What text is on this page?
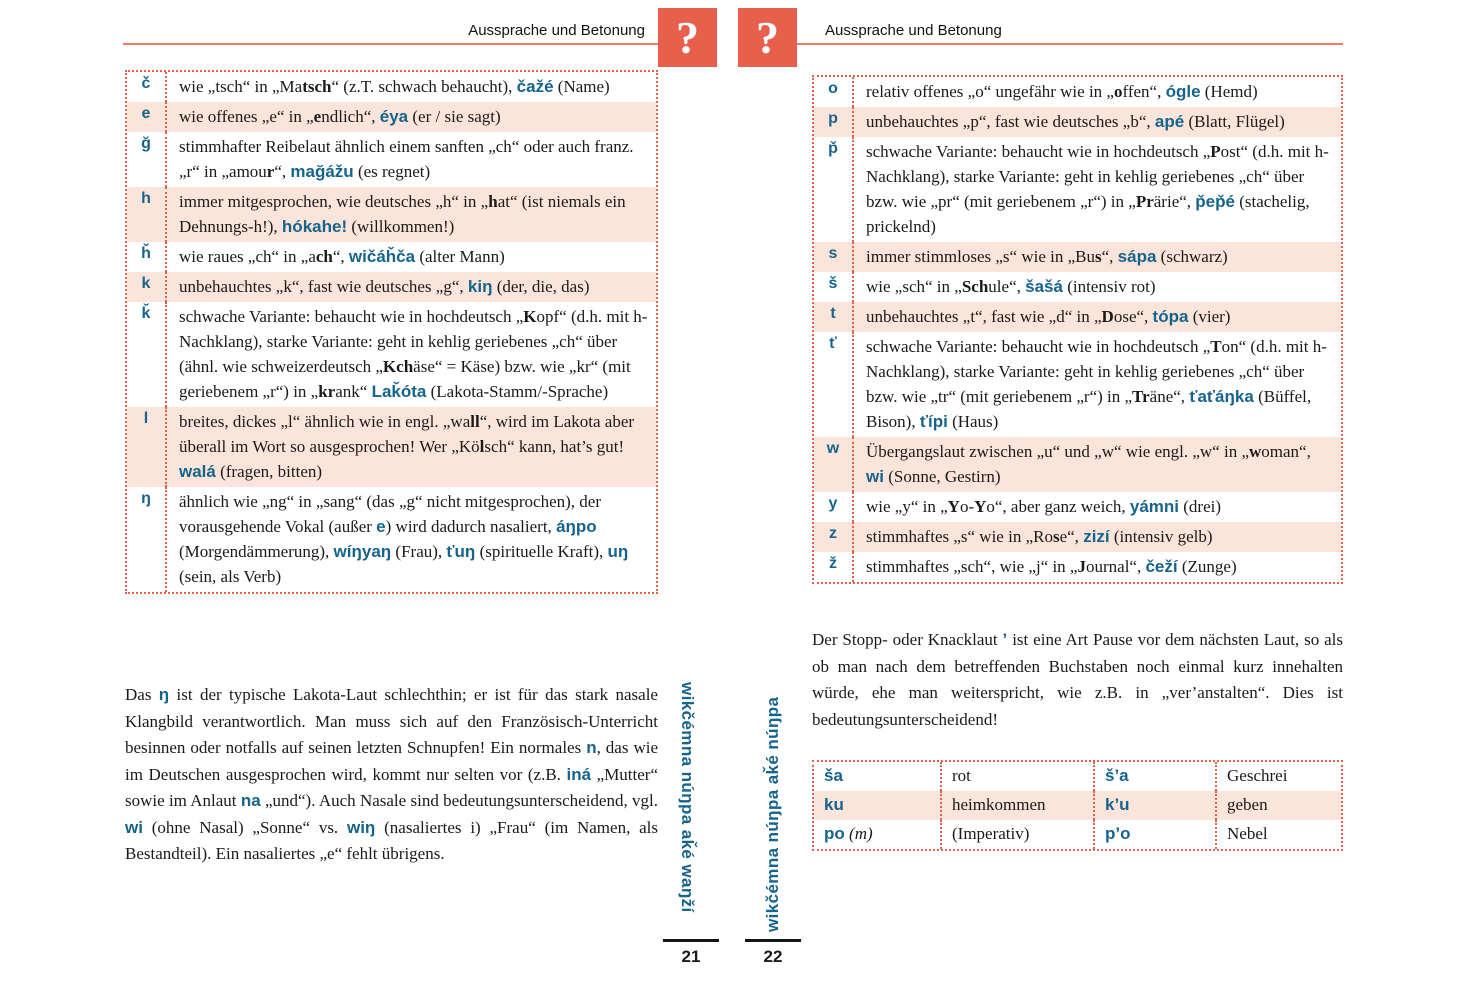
Aussprache und Betonung ?	?	Aussprache und Betonung
č	wie „tsch“ in „Matsch“ (z.T. schwach behaucht), čažé (Name)
e	wie offenes „e“ in „endlich“, éya (er / sie sagt)
ğ	stimmhafter Reibelaut ähnlich einem sanften „ch“ oder auch franz. „r“ in „amour“, mağážu (es regnet)
h	immer mitgesprochen, wie deutsches „h“ in „hat“ (ist niemals ein Dehnungs-h!), hókahe! (willkommen!)
ȟ	wie raues „ch“ in „ach“, wičáȟča (alter Mann)
k	unbehauchtes „k“, fast wie deutsches „g“, kiŋ (der, die, das)
ǩ	schwache Variante: behaucht wie in hochdeutsch „Kopf“ (d.h. mit h-Nachklang), starke Variante: geht in kehlig geriebenes „ch“ über (ähnl. wie schweizerdeutsch „Kchäse“ = Käse) bzw. wie „kr“ (mit geriebenem „r“) in „krank“ Laǩóta (Lakota-Stamm/-Sprache)
l	breites, dickes „l“ ähnlich wie in engl. „wall“, wird im Lakota aber überall im Wort so ausgesprochen! Wer „Kölsch“ kann, hat’s gut! walá (fragen, bitten)
ŋ	ähnlich wie „ng“ in „sang“ (das „g“ nicht mitgesprochen), der vorausgehende Vokal (außer e) wird dadurch nasaliert, áŋpo (Morgendämmerung), wíŋyaŋ (Frau), ťuŋ (spirituelle Kraft), uŋ (sein, als Verb)
Das ŋ ist der typische Lakota-Laut schlechthin; er ist für das stark nasale Klangbild verantwortlich. Man muss sich auf den Französisch-Unterricht besinnen oder notfalls auf seinen letzten Schnupfen! Ein normales n, das wie im Deutschen ausgesprochen wird, kommt nur selten vor (z.B. iná „Mutter“ sowie im Anlaut na „und“). Auch Nasale sind bedeutungsunterscheidend, vgl. wi (ohne Nasal) „Sonne“ vs. wiŋ (nasaliertes i) „Frau“ (im Namen, als Bestandteil). Ein nasaliertes „e“ fehlt übrigens.
o	relativ offenes „o“ ungefähr wie in „offen“, ógle (Hemd)
p	unbehauchtes „p“, fast wie deutsches „b“, apé (Blatt, Flügel)
p̌	schwache Variante: behaucht wie in hochdeutsch „Post“ (d.h. mit h-Nachklang), starke Variante: geht in kehlig geriebenes „ch“ über bzw. wie „pr“ (mit geriebenem „r“) in „Prärie“, p̌ep̌é (stachelig, prickelnd)
s	immer stimmloses „s“ wie in „Bus“, sápa (schwarz)
š	wie „sch“ in „Schule“, šašá (intensiv rot)
t	unbehauchtes „t“, fast wie „d“ in „Dose“, tópa (vier)
ť	schwache Variante: behaucht wie in hochdeutsch „Ton“ (d.h. mit h-Nachklang), starke Variante: geht in kehlig geriebenes „ch“ über bzw. wie „tr“ (mit geriebenem „r“) in „Träne“, ťaťáŋka (Büffel, Bison), ťípi (Haus)
w	Übergangslaut zwischen „u“ und „w“ wie engl. „w“ in „woman“, wi (Sonne, Gestirn)
y	wie „y“ in „Yo-Yo“, aber ganz weich, yámni (drei)
z	stimmhaftes „s“ wie in „Rose“, zizí (intensiv gelb)
ž	stimmhaftes „sch“, wie „j“ in „Journal“, čeží (Zunge)
Der Stopp- oder Knacklaut ’ ist eine Art Pause vor dem nächsten Laut, so als ob man nach dem betreffenden Buchstaben noch einmal kurz innehalten würde, ehe man weiterspricht, wie z.B. in „ver’anstalten“. Dies ist bedeutungsunterscheidend!
ša	rot	š’a	Geschrei
ku	heimkommen	k’u	geben
po (m)	(Imperativ)	p’o	Nebel
wikčémna núŋpa aǩé waŋží	wikčémna núŋpa aǩé núŋpa
21	22
